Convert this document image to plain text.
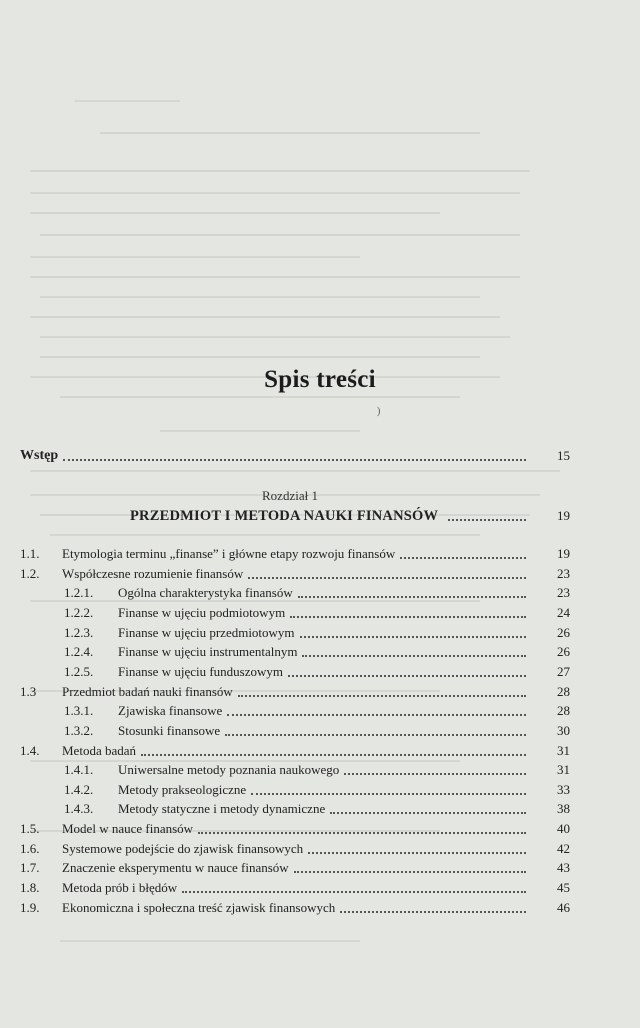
Spis treści
)
Wstęp	15
Rozdział 1
PRZEDMIOT I METODA NAUKI FINANSÓW	19
1.1. Etymologia terminu „finanse” i główne etapy rozwoju finansów	19
1.2. Współczesne rozumienie finansów	23
1.2.1. Ogólna charakterystyka finansów	23
1.2.2. Finanse w ujęciu podmiotowym	24
1.2.3. Finanse w ujęciu przedmiotowym	26
1.2.4. Finanse w ujęciu instrumentalnym	26
1.2.5. Finanse w ujęciu funduszowym	27
1.3 Przedmiot badań nauki finansów	28
1.3.1. Zjawiska finansowe	28
1.3.2. Stosunki finansowe	30
1.4. Metoda badań	31
1.4.1. Uniwersalne metody poznania naukowego	31
1.4.2. Metody prakseologiczne	33
1.4.3. Metody statyczne i metody dynamiczne	38
1.5. Model w nauce finansów	40
1.6. Systemowe podejście do zjawisk finansowych	42
1.7. Znaczenie eksperymentu w nauce finansów	43
1.8. Metoda prób i błędów	45
1.9. Ekonomiczna i społeczna treść zjawisk finansowych	46
